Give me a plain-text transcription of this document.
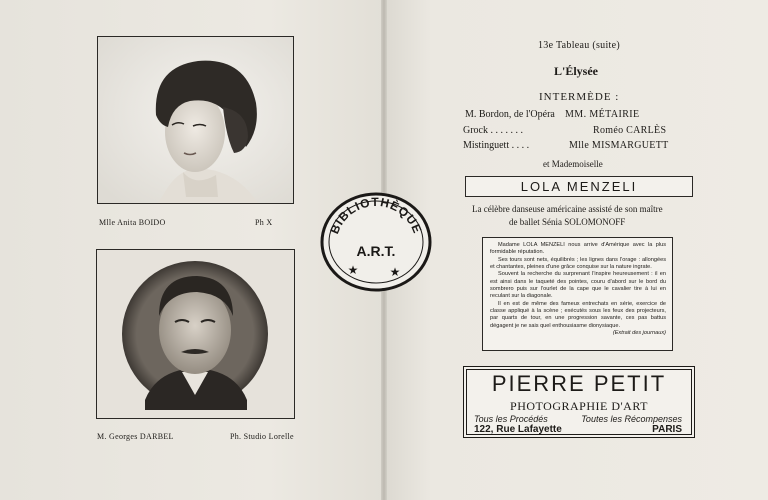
Mlle Anita BOIDO	Ph X
M. Georges DARBEL	Ph. Studio Lorelle
BIBLIOTHÈQUE
A.R.T.
★	★
13e Tableau (suite)
L'Élysée
INTERMÈDE :
M. Bordon, de l'Opéra MM. MÉTAIRIE
Grock . . . . . . .	Roméo CARLÈS
Mistinguett . . . .	Mlle MISMARGUETT
et Mademoiselle
LOLA MENZELI
La célèbre danseuse américaine assisté de son maître
de ballet Sénia SOLOMONOFF

Madame LOLA MENZELI nous arrive d'Amérique avec la plus formidable réputation.

Ses tours sont nets, équilibrés ; les lignes dans l'orage : allongées et chantantes, pleines d'une grâce conquise sur la nature ingrate.

Souvent la recherche du surprenant l'inspire heureusement : il en est ainsi dans le taqueté des pointes, couru d'abord sur le bord du sombrero puis sur l'ourlet de la cape que le cavalier tire à lui en reculant sur la diagonale.

Il en est de même des fameux entrechats en série, exercice de classe appliqué à la scène ; exécutés sous les feux des projecteurs, par quarts de tour, en une progression savante, ces pas battus dégagent je ne sais quel enthousiasme dionysiaque.

(Extrait des journaux)

PIERRE PETIT
PHOTOGRAPHIE D'ART
Tous les Procédés	Toutes les Récompenses
122, Rue Lafayette	PARIS
